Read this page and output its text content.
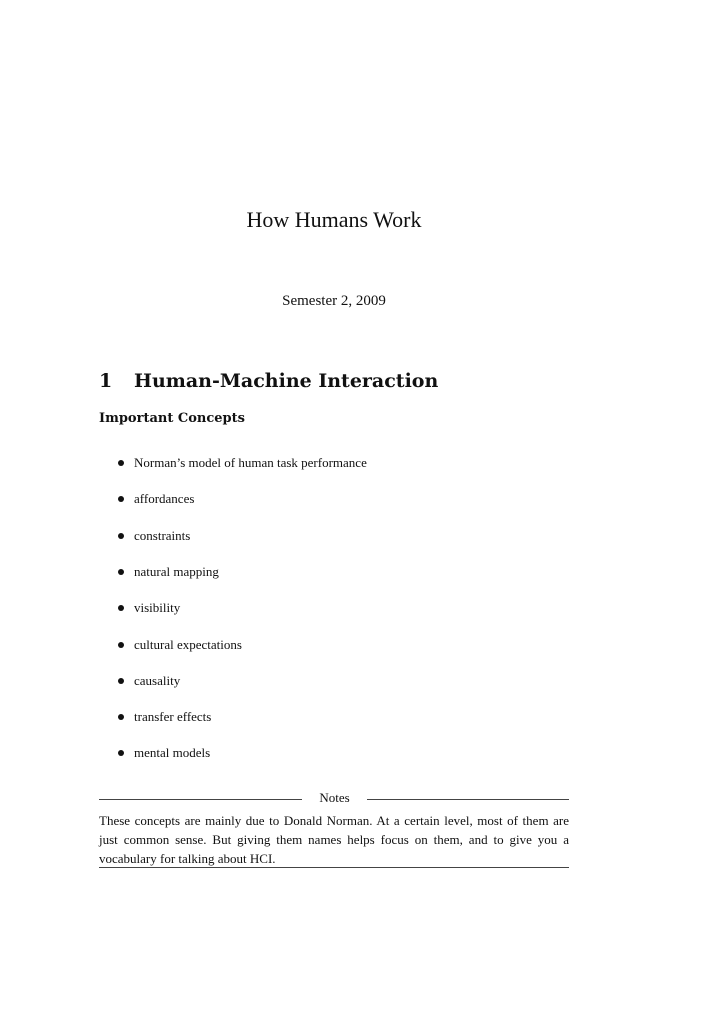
How Humans Work

Semester 2, 2009

1 Human-Machine Interaction
Important Concepts
Norman’s model of human task performance
affordances
constraints
natural mapping
visibility
cultural expectations
causality
transfer effects
mental models
Notes

These concepts are mainly due to Donald Norman. At a certain level, most of them are just common sense. But giving them names helps focus on them, and to give you a vocabulary for talking about HCI.
